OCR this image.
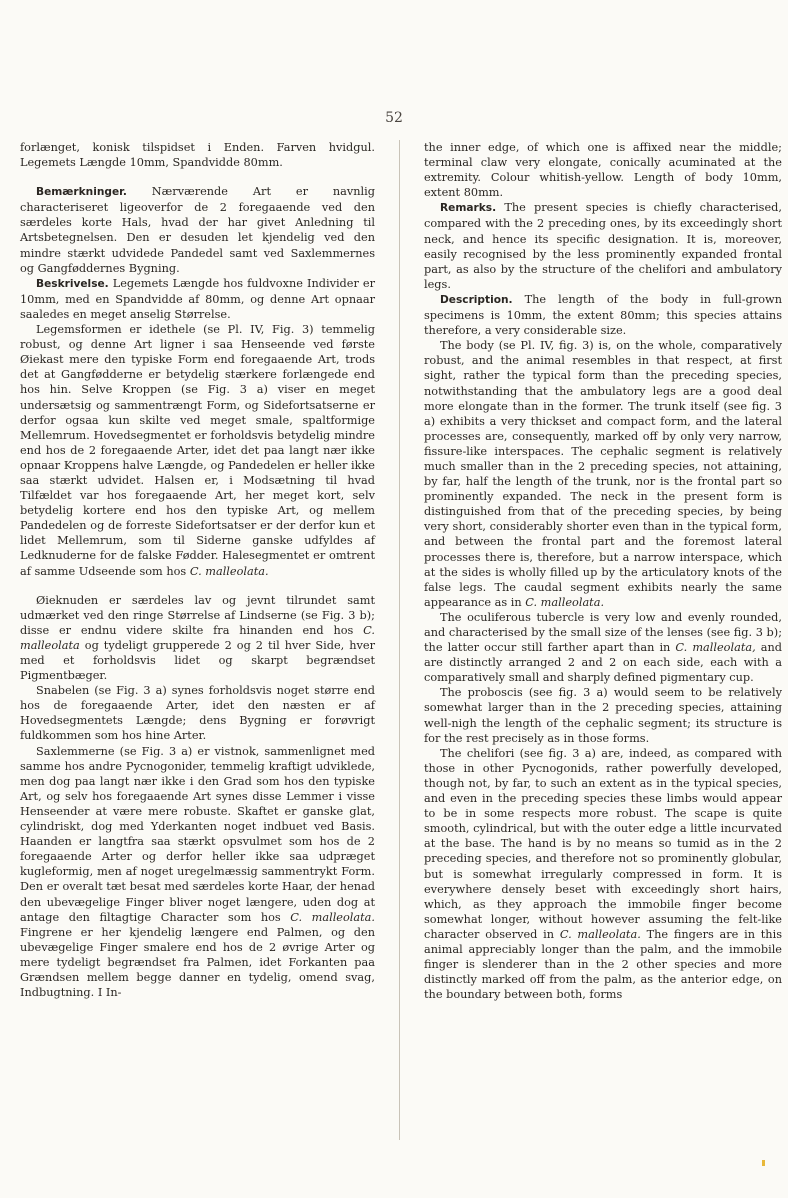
52

forlænget, konisk tilspidset i Enden. Farven hvidgul. Legemets Længde 10mm, Spandvidde 80mm.

Bemærkninger. Nærværende Art er navnlig characteriseret ligeoverfor de 2 foregaaende ved den særdeles korte Hals, hvad der har givet Anledning til Artsbetegnelsen. Den er desuden let kjendelig ved den mindre stærkt udvidede Pandedel samt ved Saxlemmernes og Gangføddernes Bygning.

Beskrivelse. Legemets Længde hos fuldvoxne Individer er 10mm, med en Spandvidde af 80mm, og denne Art opnaar saaledes en meget anselig Størrelse.

Legemsformen er idethele (se Pl. IV, Fig. 3) temmelig robust, og denne Art ligner i saa Henseende ved første Øiekast mere den typiske Form end foregaaende Art, trods det at Gangfødderne er betydelig stærkere forlængede end hos hin. Selve Kroppen (se Fig. 3 a) viser en meget undersætsig og sammentrængt Form, og Sidefortsatserne er derfor ogsaa kun skilte ved meget smale, spaltformige Mellemrum. Hovedsegmentet er forholdsvis betydelig mindre end hos de 2 foregaaende Arter, idet det paa langt nær ikke opnaar Kroppens halve Længde, og Pandedelen er heller ikke saa stærkt udvidet. Halsen er, i Modsætning til hvad Tilfældet var hos foregaaende Art, her meget kort, selv betydelig kortere end hos den typiske Art, og mellem Pandedelen og de forreste Sidefortsatser er der derfor kun et lidet Mellemrum, som til Siderne ganske udfyldes af Ledknuderne for de falske Fødder. Halesegmentet er omtrent af samme Udseende som hos C. malleolata.

Øieknuden er særdeles lav og jevnt tilrundet samt udmærket ved den ringe Størrelse af Lindserne (se Fig. 3 b); disse er endnu videre skilte fra hinanden end hos C. malleolata og tydeligt grupperede 2 og 2 til hver Side, hver med et forholdsvis lidet og skarpt begrændset Pigmentbæger.

Snabelen (se Fig. 3 a) synes forholdsvis noget større end hos de foregaaende Arter, idet den næsten er af Hovedsegmentets Længde; dens Bygning er forøvrigt fuldkommen som hos hine Arter.

Saxlemmerne (se Fig. 3 a) er vistnok, sammenlignet med samme hos andre Pycnogonider, temmelig kraftigt udviklede, men dog paa langt nær ikke i den Grad som hos den typiske Art, og selv hos foregaaende Art synes disse Lemmer i visse Henseender at være mere robuste. Skaftet er ganske glat, cylindriskt, dog med Yderkanten noget indbuet ved Basis. Haanden er langtfra saa stærkt opsvulmet som hos de 2 foregaaende Arter og derfor heller ikke saa udpræget kugleformig, men af noget uregelmæssig sammentrykt Form. Den er overalt tæt besat med særdeles korte Haar, der henad den ubevægelige Finger bliver noget længere, uden dog at antage den filtagtige Character som hos C. malleolata. Fingrene er her kjendelig længere end Palmen, og den ubevægelige Finger smalere end hos de 2 øvrige Arter og mere tydeligt begrændset fra Palmen, idet Forkanten paa Grændsen mellem begge danner en tydelig, omend svag, Indbugtning. I In-

the inner edge, of which one is affixed near the middle; terminal claw very elongate, conically acuminated at the extremity. Colour whitish-yellow. Length of body 10mm, extent 80mm.

Remarks. The present species is chiefly characterised, compared with the 2 preceding ones, by its exceedingly short neck, and hence its specific designation. It is, moreover, easily recognised by the less prominently expanded frontal part, as also by the structure of the chelifori and ambulatory legs.

Description. The length of the body in full-grown specimens is 10mm, the extent 80mm; this species attains therefore, a very considerable size.

The body (se Pl. IV, fig. 3) is, on the whole, comparatively robust, and the animal resembles in that respect, at first sight, rather the typical form than the preceding species, notwithstanding that the ambulatory legs are a good deal more elongate than in the former. The trunk itself (see fig. 3 a) exhibits a very thickset and compact form, and the lateral processes are, consequently, marked off by only very narrow, fissure-like interspaces. The cephalic segment is relatively much smaller than in the 2 preceding species, not attaining, by far, half the length of the trunk, nor is the frontal part so prominently expanded. The neck in the present form is distinguished from that of the preceding species, by being very short, considerably shorter even than in the typical form, and between the frontal part and the foremost lateral processes there is, therefore, but a narrow interspace, which at the sides is wholly filled up by the articulatory knots of the false legs. The caudal segment exhibits nearly the same appearance as in C. malleolata.

The oculiferous tubercle is very low and evenly rounded, and characterised by the small size of the lenses (see fig. 3 b); the latter occur still farther apart than in C. malleolata, and are distinctly arranged 2 and 2 on each side, each with a comparatively small and sharply defined pigmentary cup.

The proboscis (see fig. 3 a) would seem to be relatively somewhat larger than in the 2 preceding species, attaining well-nigh the length of the cephalic segment; its structure is for the rest precisely as in those forms.

The chelifori (see fig. 3 a) are, indeed, as compared with those in other Pycnogonids, rather powerfully developed, though not, by far, to such an extent as in the typical species, and even in the preceding species these limbs would appear to be in some respects more robust. The scape is quite smooth, cylindrical, but with the outer edge a little incurvated at the base. The hand is by no means so tumid as in the 2 preceding species, and therefore not so prominently globular, but is somewhat irregularly compressed in form. It is everywhere densely beset with exceedingly short hairs, which, as they approach the immobile finger become somewhat longer, without however assuming the felt-like character observed in C. malleolata. The fingers are in this animal appreciably longer than the palm, and the immobile finger is slenderer than in the 2 other species and more distinctly marked off from the palm, as the anterior edge, on the boundary between both, forms
